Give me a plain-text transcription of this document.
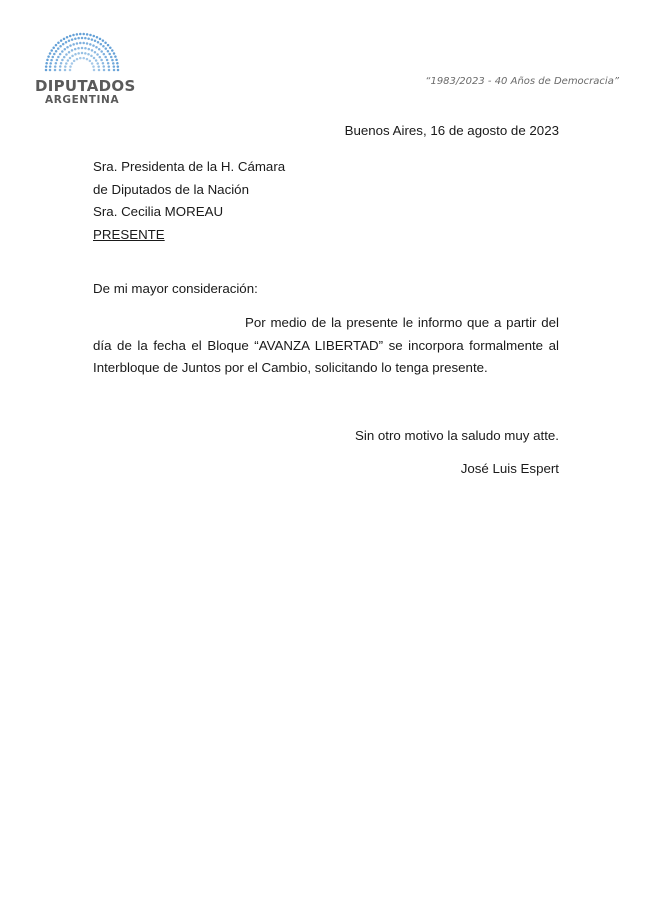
DIPUTADOS
ARGENTINA
“1983/2023 - 40 Años de Democracia”
Buenos Aires, 16 de agosto de 2023
Sra. Presidenta de la H. Cámara
de Diputados de la Nación
Sra. Cecilia MOREAU
PRESENTE
De mi mayor consideración:
Por medio de la presente le informo que a partir del día de la fecha el Bloque “AVANZA LIBERTAD” se incorpora formalmente al Interbloque de Juntos por el Cambio, solicitando lo tenga presente.
Sin otro motivo la saludo muy atte.
José Luis Espert
